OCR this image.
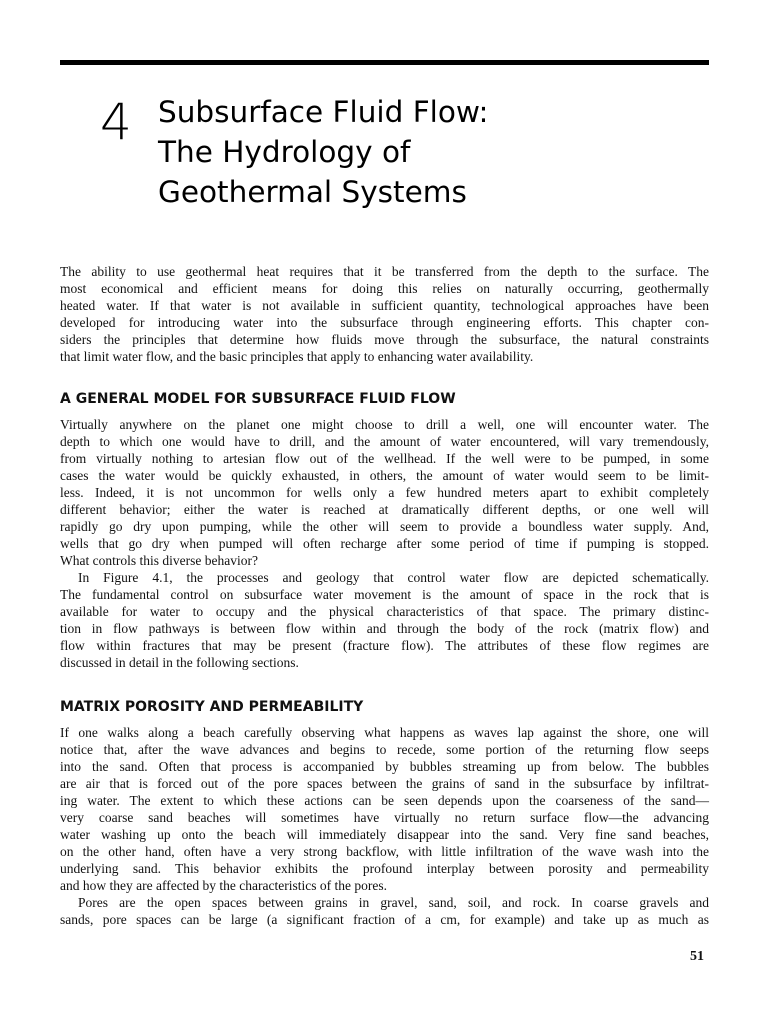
4 Subsurface Fluid Flow:
The Hydrology of
Geothermal Systems

The ability to use geothermal heat requires that it be transferred from the depth to the surface. The

most economical and efficient means for doing this relies on naturally occurring, geothermally

heated water. If that water is not available in sufficient quantity, technological approaches have been

developed for introducing water into the subsurface through engineering efforts. This chapter con-

siders the principles that determine how fluids move through the subsurface, the natural constraints

that limit water flow, and the basic principles that apply to enhancing water availability.

A GENERAL MODEL FOR SUBSURFACE FLUID FLOW

Virtually anywhere on the planet one might choose to drill a well, one will encounter water. The

depth to which one would have to drill, and the amount of water encountered, will vary tremendously,

from virtually nothing to artesian flow out of the wellhead. If the well were to be pumped, in some

cases the water would be quickly exhausted, in others, the amount of water would seem to be limit-

less. Indeed, it is not uncommon for wells only a few hundred meters apart to exhibit completely

different behavior; either the water is reached at dramatically different depths, or one well will

rapidly go dry upon pumping, while the other will seem to provide a boundless water supply. And,

wells that go dry when pumped will often recharge after some period of time if pumping is stopped.

What controls this diverse behavior?

In Figure 4.1, the processes and geology that control water flow are depicted schematically.

The fundamental control on subsurface water movement is the amount of space in the rock that is

available for water to occupy and the physical characteristics of that space. The primary distinc-

tion in flow pathways is between flow within and through the body of the rock (matrix flow) and

flow within fractures that may be present (fracture flow). The attributes of these flow regimes are

discussed in detail in the following sections.

MATRIX POROSITY AND PERMEABILITY

If one walks along a beach carefully observing what happens as waves lap against the shore, one will

notice that, after the wave advances and begins to recede, some portion of the returning flow seeps

into the sand. Often that process is accompanied by bubbles streaming up from below. The bubbles

are air that is forced out of the pore spaces between the grains of sand in the subsurface by infiltrat-

ing water. The extent to which these actions can be seen depends upon the coarseness of the sand—

very coarse sand beaches will sometimes have virtually no return surface flow—the advancing

water washing up onto the beach will immediately disappear into the sand. Very fine sand beaches,

on the other hand, often have a very strong backflow, with little infiltration of the wave wash into the

underlying sand. This behavior exhibits the profound interplay between porosity and permeability

and how they are affected by the characteristics of the pores.

Pores are the open spaces between grains in gravel, sand, soil, and rock. In coarse gravels and

sands, pore spaces can be large (a significant fraction of a cm, for example) and take up as much as

51
